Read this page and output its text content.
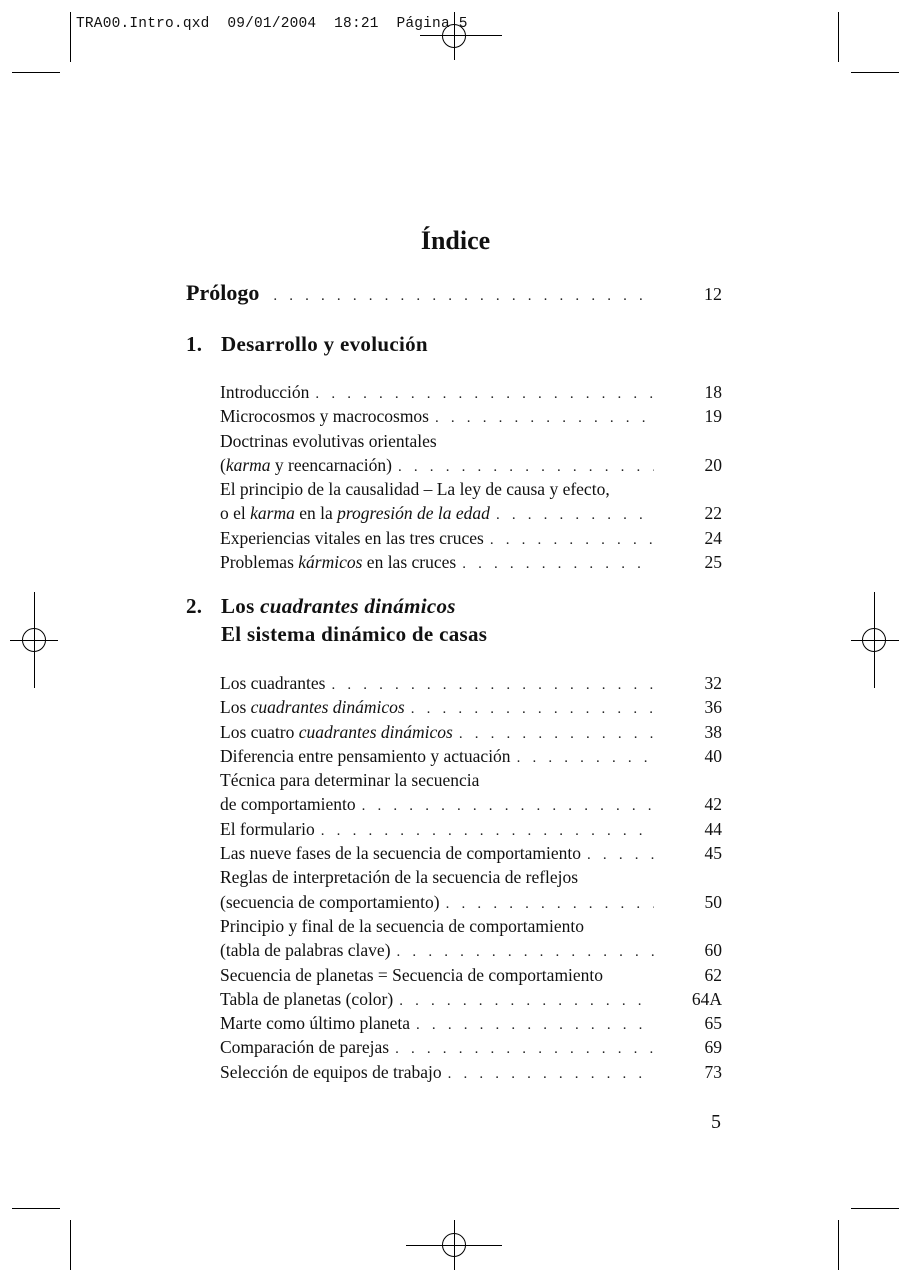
TRA00.Intro.qxd  09/01/2004  18:21  Página 5
Índice
Prólogo . . .	12
1. Desarrollo y evolución
Introducción . . .	18
Microcosmos y macrocosmos . . .	19
Doctrinas evolutivas orientales
(karma y reencarnación) . . .	20
El principio de la causalidad – La ley de causa y efecto,
o el karma en la progresión de la edad . . .	22
Experiencias vitales en las tres cruces . . .	24
Problemas kármicos en las cruces . . .	25
2. Los cuadrantes dinámicos
El sistema dinámico de casas
Los cuadrantes . . .	32
Los cuadrantes dinámicos . . .	36
Los cuatro cuadrantes dinámicos . . .	38
Diferencia entre pensamiento y actuación . . .	40
Técnica para determinar la secuencia
de comportamiento . . .	42
El formulario . . .	44
Las nueve fases de la secuencia de comportamiento . . .	45
Reglas de interpretación de la secuencia de reflejos
(secuencia de comportamiento) . . .	50
Principio y final de la secuencia de comportamiento
(tabla de palabras clave) . . .	60
Secuencia de planetas = Secuencia de comportamiento	62
Tabla de planetas (color) . . .	64A
Marte como último planeta . . .	65
Comparación de parejas . . .	69
Selección de equipos de trabajo . . .	73
5
